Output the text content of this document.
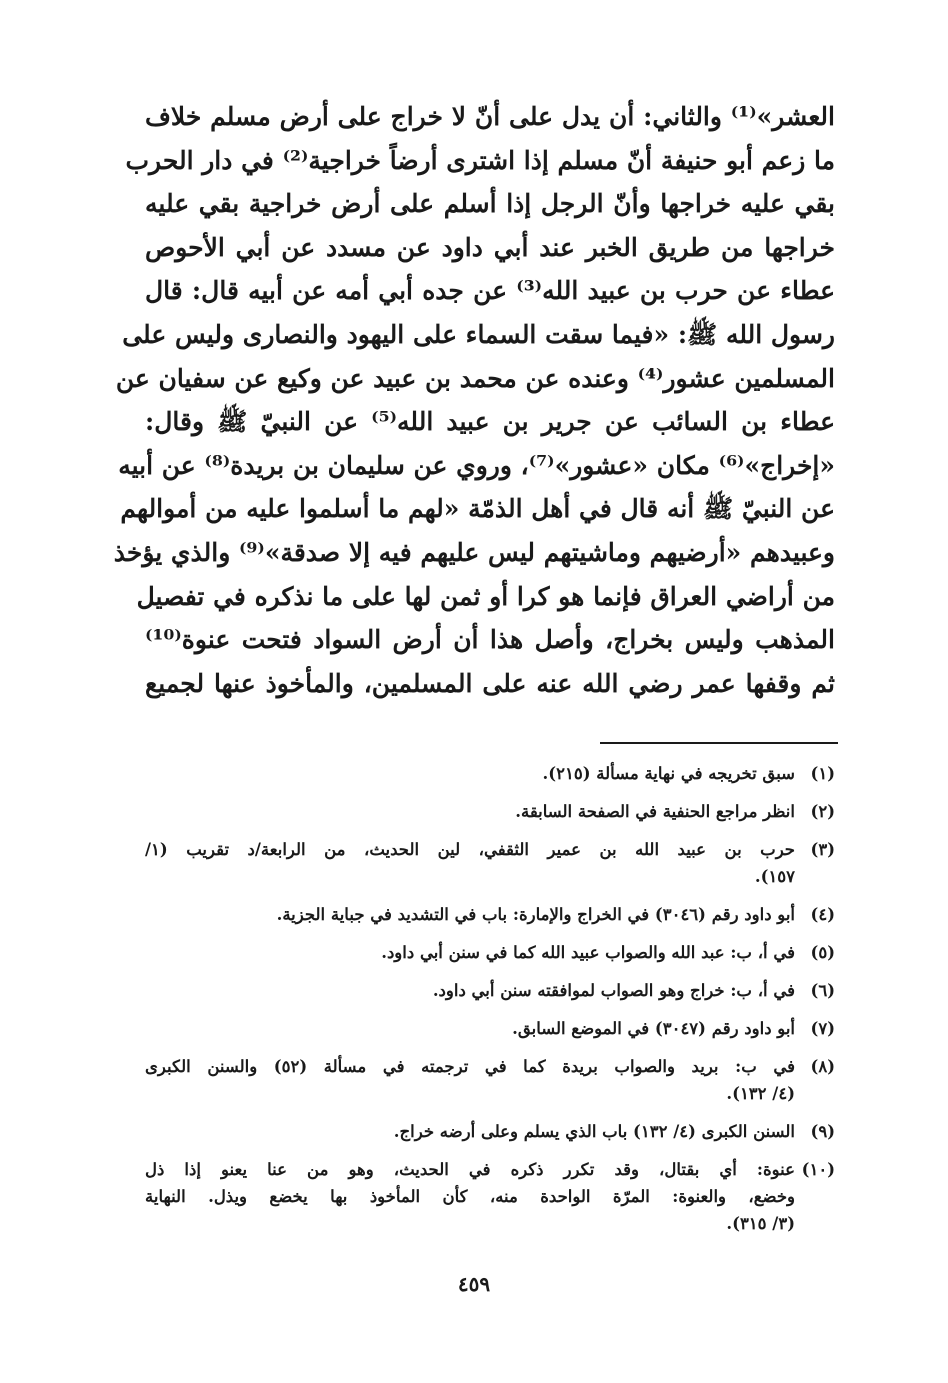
العشر»⁽¹⁾ والثاني: أن يدل على أنّ لا خراج على أرض مسلم خلاف
ما زعم أبو حنيفة أنّ مسلم إذا اشترى أرضاً خراجية⁽²⁾ في دار الحرب
بقي عليه خراجها وأنّ الرجل إذا أسلم على أرض خراجية بقي عليه
خراجها من طريق الخبر عند أبي داود عن مسدد عن أبي الأحوص
عطاء عن حرب بن عبيد الله⁽³⁾ عن جده أبي أمه عن أبيه قال: قال
رسول الله ﷺ: «فيما سقت السماء على اليهود والنصارى وليس على
المسلمين عشور⁽⁴⁾ وعنده عن محمد بن عبيد عن وكيع عن سفيان عن
عطاء بن السائب عن جرير بن عبيد الله⁽⁵⁾ عن النبيّ ﷺ وقال:
«إخراج»⁽⁶⁾ مكان «عشور»⁽⁷⁾، وروي عن سليمان بن بريدة⁽⁸⁾ عن أبيه
عن النبيّ ﷺ أنه قال في أهل الذمّة «لهم ما أسلموا عليه من أموالهم
وعبيدهم «أرضيهم وماشيتهم ليس عليهم فيه إلا صدقة»⁽⁹⁾ والذي يؤخذ
من أراضي العراق فإنما هو كرا أو ثمن لها على ما نذكره في تفصيل
المذهب وليس بخراج، وأصل هذا أن أرض السواد فتحت عنوة⁽¹⁰⁾
ثم وقفها عمر رضي الله عنه على المسلمين، والمأخوذ عنها لجميع
(١)
سبق تخريجه في نهاية مسألة (٢١٥).
(٢)
انظر مراجع الحنفية في الصفحة السابقة.
(٣)
حرب بن عبيد الله بن عمير الثقفي، لين الحديث، من الرابعة/د تقريب (١/
١٥٧).
(٤)
أبو داود رقم (٣٠٤٦) في الخراج والإمارة: باب في التشديد في جباية الجزية.
(٥)
في أ، ب: عبد الله والصواب عبيد الله كما في سنن أبي داود.
(٦)
في أ، ب: خراج وهو الصواب لموافقته سنن أبي داود.
(٧)
أبو داود رقم (٣٠٤٧) في الموضع السابق.
(٨)
في ب: بريد والصواب بريدة كما في ترجمته في مسألة (٥٢) والسنن الكبرى
(٤/ ١٣٢).
(٩)
السنن الكبرى (٤/ ١٣٢) باب الذي يسلم وعلى أرضه خراج.
(١٠)
عنوة: أي بقتال، وقد تكرر ذكره في الحديث، وهو من عنا يعنو إذا ذل
وخضع، والعنوة: المرّة الواحدة منه، كأن المأخوذ بها يخضع ويذل. النهاية
(٣/ ٣١٥).
٤٥٩
